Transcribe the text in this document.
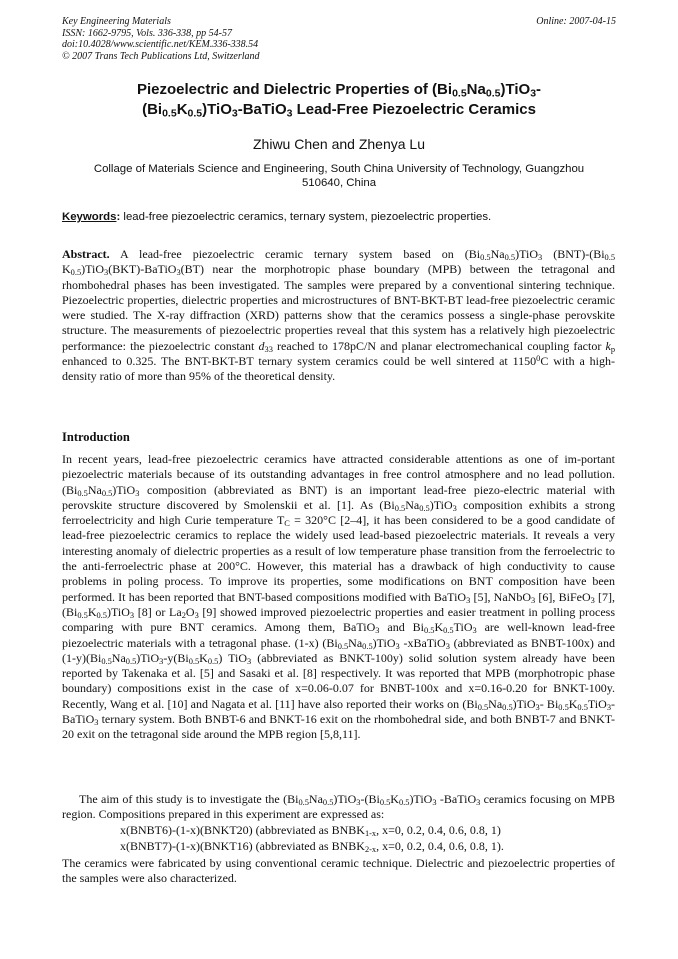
Key Engineering Materials
ISSN: 1662-9795, Vols. 336-338, pp 54-57
doi:10.4028/www.scientific.net/KEM.336-338.54
© 2007 Trans Tech Publications Ltd, Switzerland
Online: 2007-04-15
Piezoelectric and Dielectric Properties of $(Bi_{0.5}Na_{0.5})TiO_3-$
$(Bi_{0.5}K_{0.5})TiO_3-BaTiO_3$ Lead-Free Piezoelectric Ceramics

Zhiwu Chen and Zhenya Lu

Collage of Materials Science and Engineering, South China University of Technology, Guangzhou
510640, China

Keywords: lead-free piezoelectric ceramics, ternary system, piezoelectric properties.

Abstract. A lead-free piezoelectric ceramic ternary system based on $(Bi_{0.5}Na_{0.5})TiO_3$ $(BNT)-(Bi_{0.5}$ $K_{0.5})TiO_3(BKT)-BaTiO_3(BT)$ near the morphotropic phase boundary (MPB) between the tetragonal and rhombohedral phases has been investigated. The samples were prepared by a conventional sintering technique. Piezoelectric properties, dielectric properties and microstructures of BNT-BKT-BT lead-free piezoelectric ceramic were studied. The X-ray diffraction (XRD) patterns show that the ceramics possess a single-phase perovskite structure. The measurements of piezoelectric properties reveal that this system has a relatively high piezoelectric performance: the piezoelectric constant $d_{33}$ reached to 178pC/N and planar electromechanical coupling factor $k_p$ enhanced to 0.325. The BNT-BKT-BT ternary system ceramics could be well sintered at 1150$^0$C with a high-density ratio of more than 95% of the theoretical density.

Introduction

In recent years, lead-free piezoelectric ceramics have attracted considerable attentions as one of im-portant piezoelectric materials because of its outstanding advantages in free control atmosphere and no lead pollution. $(Bi_{0.5}Na_{0.5})TiO_3$ composition (abbreviated as BNT) is an important lead-free piezo-electric material with perovskite structure discovered by Smolenskii et al. [1]. As $(Bi_{0.5}Na_{0.5})TiO_3$ composition exhibits a strong ferroelectricity and high Curie temperature $T_C = 320^\circ C$ [2–4], it has been considered to be a good candidate of lead-free piezoelectric ceramics to replace the widely used lead-based piezoelectric materials. It reveals a very interesting anomaly of dielectric properties as a result of low temperature phase transition from the ferroelectric to the anti-ferroelectric phase at 200°C. However, this material has a drawback of high conductivity to cause problems in poling process. To improve its properties, some modifications on BNT composition have been performed. It has been reported that BNT-based compositions modified with BaTiO$_3$ [5], NaNbO$_3$ [6], BiFeO$_3$ [7], $(Bi_{0.5}K_{0.5})TiO_3$ [8] or $La_2O_3$ [9] showed improved piezoelectric properties and easier treatment in polling process comparing with pure BNT ceramics. Among them, BaTiO$_3$ and $Bi_{0.5}K_{0.5}TiO_3$ are well-known lead-free piezoelectric materials with a tetragonal phase. (1-x) $(Bi_{0.5}Na_{0.5})TiO_3$ -xBaTiO$_3$ (abbreviated as BNBT-100x) and $(1-y)(Bi_{0.5}Na_{0.5})TiO_3-y(Bi_{0.5}K_{0.5})$ TiO$_3$ (abbreviated as BNKT-100y) solid solution system already have been reported by Takenaka et al. [5] and Sasaki et al. [8] respectively. It was reported that MPB (morphotropic phase boundary) compositions exist in the case of x=0.06-0.07 for BNBT-100x and x=0.16-0.20 for BNKT-100y. Recently, Wang et al. [10] and Nagata et al. [11] have also reported their works on $(Bi_{0.5}Na_{0.5})TiO_3-$ $Bi_{0.5}K_{0.5}TiO_3-BaTiO_3$ ternary system. Both BNBT-6 and BNKT-16 exit on the rhombohedral side, and both BNBT-7 and BNKT-20 exit on the tetragonal side around the MPB region [5,8,11].

The aim of this study is to investigate the $(Bi_{0.5}Na_{0.5})TiO_3-(Bi_{0.5}K_{0.5})TiO_3$ -BaTiO$_3$ ceramics focusing on MPB region. Compositions prepared in this experiment are expressed as:

x(BNBT6)-(1-x)(BNKT20) (abbreviated as $BNBK_{1-x}$, x=0, 0.2, 0.4, 0.6, 0.8, 1)

x(BNBT7)-(1-x)(BNKT16) (abbreviated as $BNBK_{2-x}$, x=0, 0.2, 0.4, 0.6, 0.8, 1).

The ceramics were fabricated by using conventional ceramic technique. Dielectric and piezoelectric properties of the samples were also characterized.
